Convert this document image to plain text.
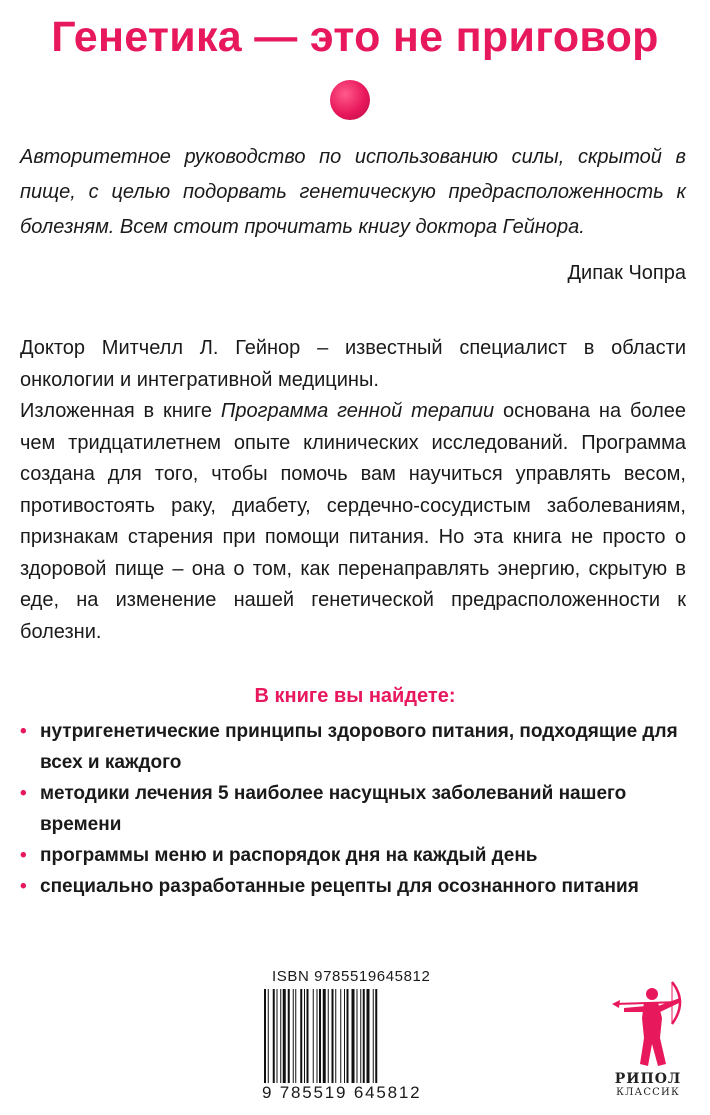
Генетика — это не приговор

Авторитетное руководство по использованию силы, скрытой в пище, с целью подорвать генетическую предрасположенность к болезням. Всем стоит прочитать книгу доктора Гейнора.

Дипак Чопра

Доктор Митчелл Л. Гейнор – известный специалист в области онкологии и интегративной медицины.
Изложенная в книге Программа генной терапии основана на более чем тридцатилетнем опыте клинических исследований. Программа создана для того, чтобы помочь вам научиться управлять весом, противостоять раку, диабету, сердечно-сосудистым заболеваниям, признакам старения при помощи питания. Но эта книга не просто о здоровой пище – она о том, как перенаправлять энергию, скрытую в еде, на изменение нашей генетической предрасположенности к болезни.

В книге вы найдете:
• нутригенетические принципы здорового питания, подходящие для всех и каждого
• методики лечения 5 наиболее насущных заболеваний нашего времени
• программы меню и распорядок дня на каждый день
• специально разработанные рецепты для осознанного питания
ISBN 9785519645812
9 785519 645812
РИПОЛ
КЛАССИК
